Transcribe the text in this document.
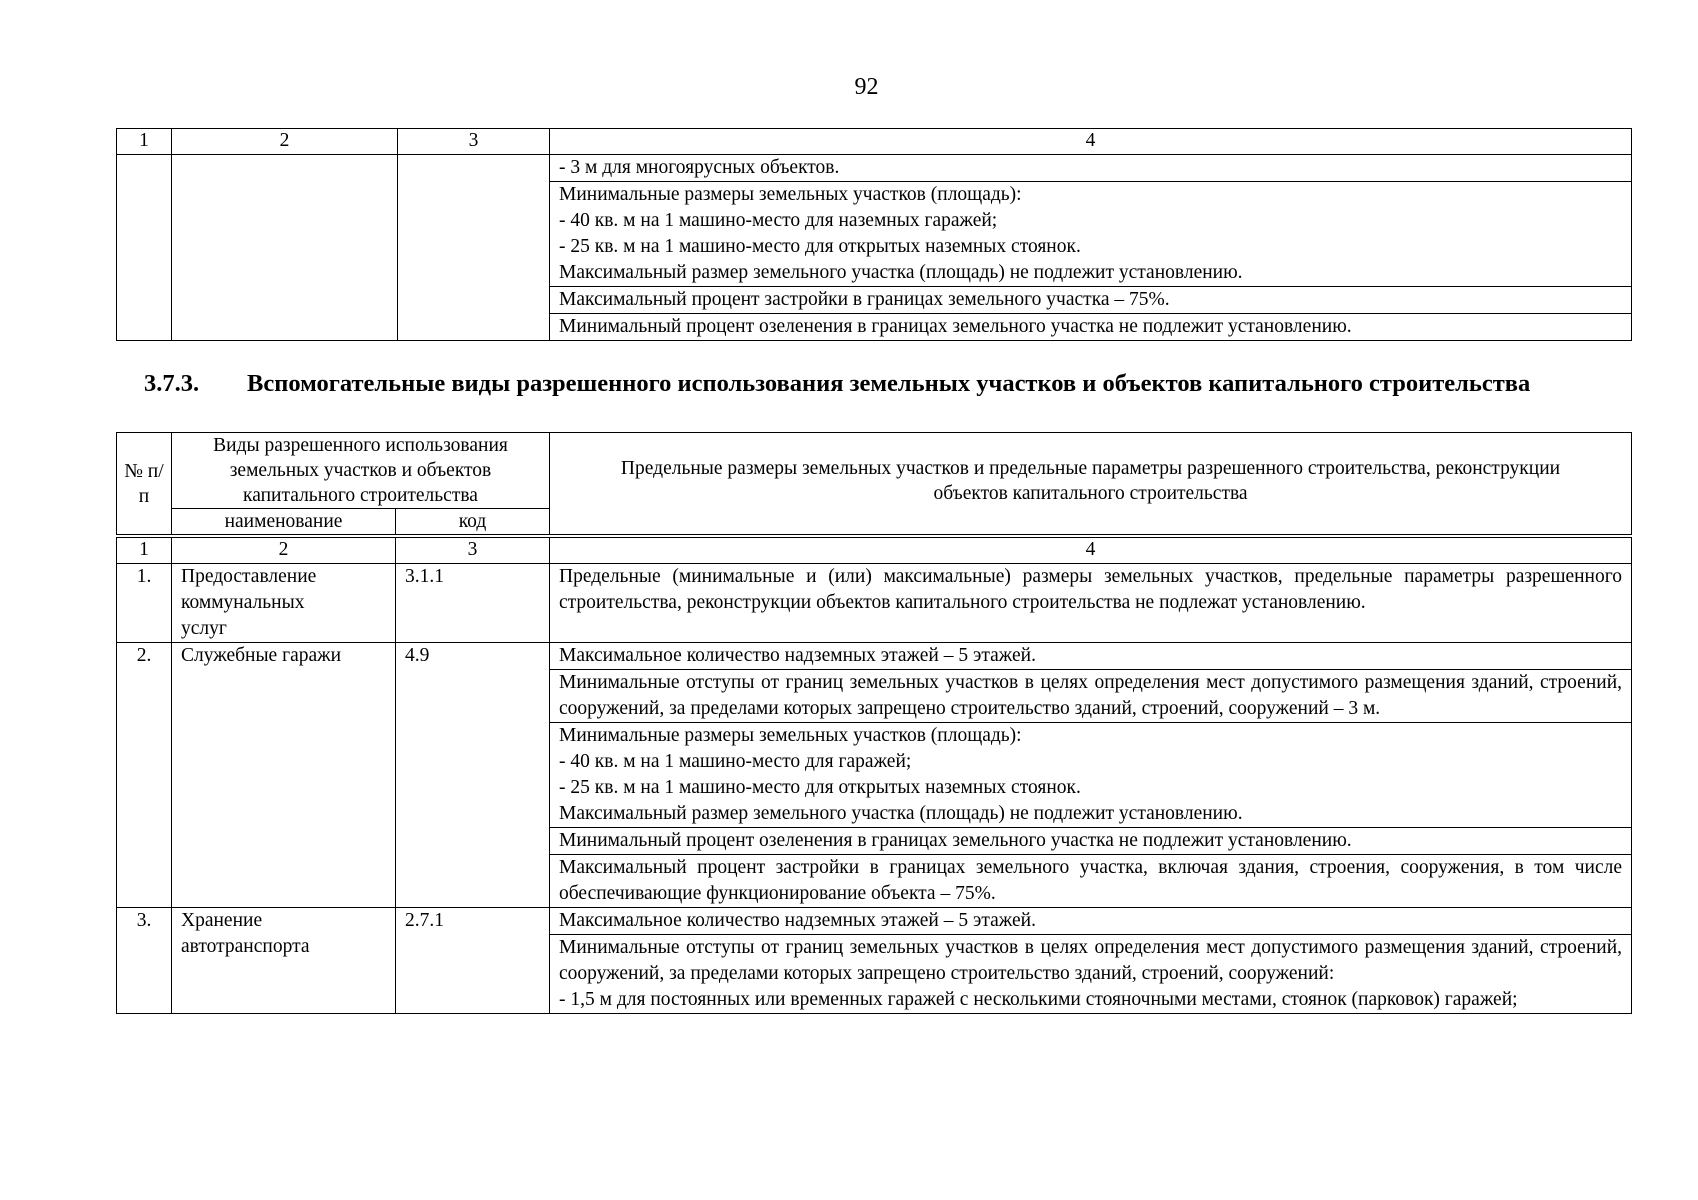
92
1	2	3	4

			- 3 м для многоярусных объектов.

			Минимальные размеры земельных участков (площадь):
- 40 кв. м на 1 машино-место для наземных гаражей;
- 25 кв. м на 1 машино-место для открытых наземных стоянок.
Максимальный размер земельного участка (площадь) не подлежит установлению.

			Максимальный процент застройки в границах земельного участка – 75%.

			Минимальный процент озеленения в границах земельного участка не подлежит установлению.
3.7.3. Вспомогательные виды разрешенного использования земельных участков и объектов капитального строительства
№ п/п	Виды разрешенного использования земельных участков и объектов капитального строительства		Предельные размеры земельных участков и предельные параметры разрешенного строительства, реконструкции объектов капитального строительства
	наименование	код	
1	2	3	4
1.	Предоставление коммунальных услуг	3.1.1	Предельные (минимальные и (или) максимальные) размеры земельных участков, предельные параметры разрешенного строительства, реконструкции объектов капитального строительства не подлежат установлению.
2.	Служебные гаражи	4.9	Максимальное количество надземных этажей – 5 этажей.
			Минимальные отступы от границ земельных участков в целях определения мест допустимого размещения зданий, строений, сооружений, за пределами которых запрещено строительство зданий, строений, сооружений – 3 м.
			Минимальные размеры земельных участков (площадь):
- 40 кв. м на 1 машино-место для гаражей;
- 25 кв. м на 1 машино-место для открытых наземных стоянок.
Максимальный размер земельного участка (площадь) не подлежит установлению.
			Минимальный процент озеленения в границах земельного участка не подлежит установлению.
			Максимальный процент застройки в границах земельного участка, включая здания, строения, сооружения, в том числе обеспечивающие функционирование объекта – 75%.
3.	Хранение автотранспорта	2.7.1	Максимальное количество надземных этажей – 5 этажей.
			Минимальные отступы от границ земельных участков в целях определения мест допустимого размещения зданий, строений, сооружений, за пределами которых запрещено строительство зданий, строений, сооружений:
- 1,5 м для постоянных или временных гаражей с несколькими стояночными местами, стоянок (парковок) гаражей;
